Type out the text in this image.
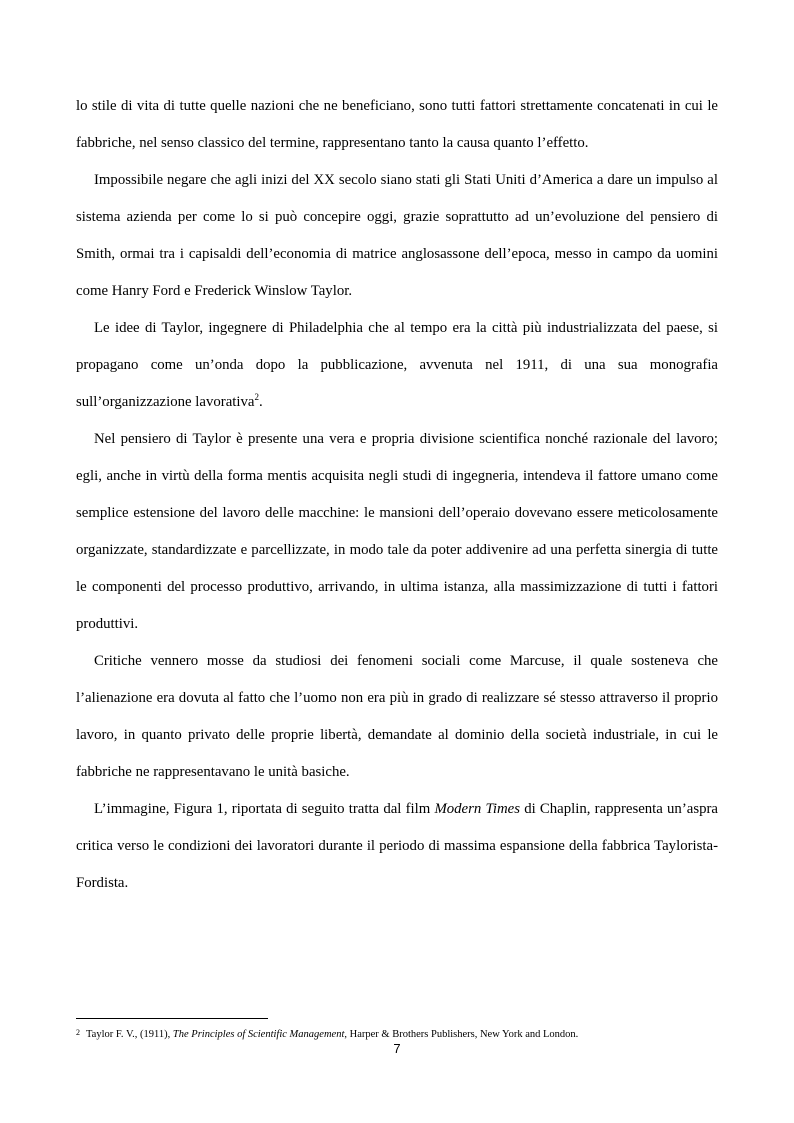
lo stile di vita di tutte quelle nazioni che ne beneficiano, sono tutti fattori strettamente concatenati in cui le fabbriche, nel senso classico del termine, rappresentano tanto la causa quanto l’effetto.

Impossibile negare che agli inizi del XX secolo siano stati gli Stati Uniti d’America a dare un impulso al sistema azienda per come lo si può concepire oggi, grazie soprattutto ad un’evoluzione del pensiero di Smith, ormai tra i capisaldi dell’economia di matrice anglosassone dell’epoca, messo in campo da uomini come Hanry Ford e Frederick Winslow Taylor.

Le idee di Taylor, ingegnere di Philadelphia che al tempo era la città più industrializzata del paese, si propagano come un’onda dopo la pubblicazione, avvenuta nel 1911, di una sua monografia sull’organizzazione lavorativa$^2$.

Nel pensiero di Taylor è presente una vera e propria divisione scientifica nonché razionale del lavoro; egli, anche in virtù della forma mentis acquisita negli studi di ingegneria, intendeva il fattore umano come semplice estensione del lavoro delle macchine: le mansioni dell’operaio dovevano essere meticolosamente organizzate, standardizzate e parcellizzate, in modo tale da poter addivenire ad una perfetta sinergia di tutte le componenti del processo produttivo, arrivando, in ultima istanza, alla massimizzazione di tutti i fattori produttivi.

Critiche vennero mosse da studiosi dei fenomeni sociali come Marcuse, il quale sosteneva che l’alienazione era dovuta al fatto che l’uomo non era più in grado di realizzare sé stesso attraverso il proprio lavoro, in quanto privato delle proprie libertà, demandate al dominio della società industriale, in cui le fabbriche ne rappresentavano le unità basiche.

L’immagine, Figura 1, riportata di seguito tratta dal film Modern Times di Chaplin, rappresenta un’aspra critica verso le condizioni dei lavoratori durante il periodo di massima espansione della fabbrica Taylorista-Fordista.

2 Taylor F. V., (1911), The Principles of Scientific Management, Harper & Brothers Publishers, New York and London.
7
